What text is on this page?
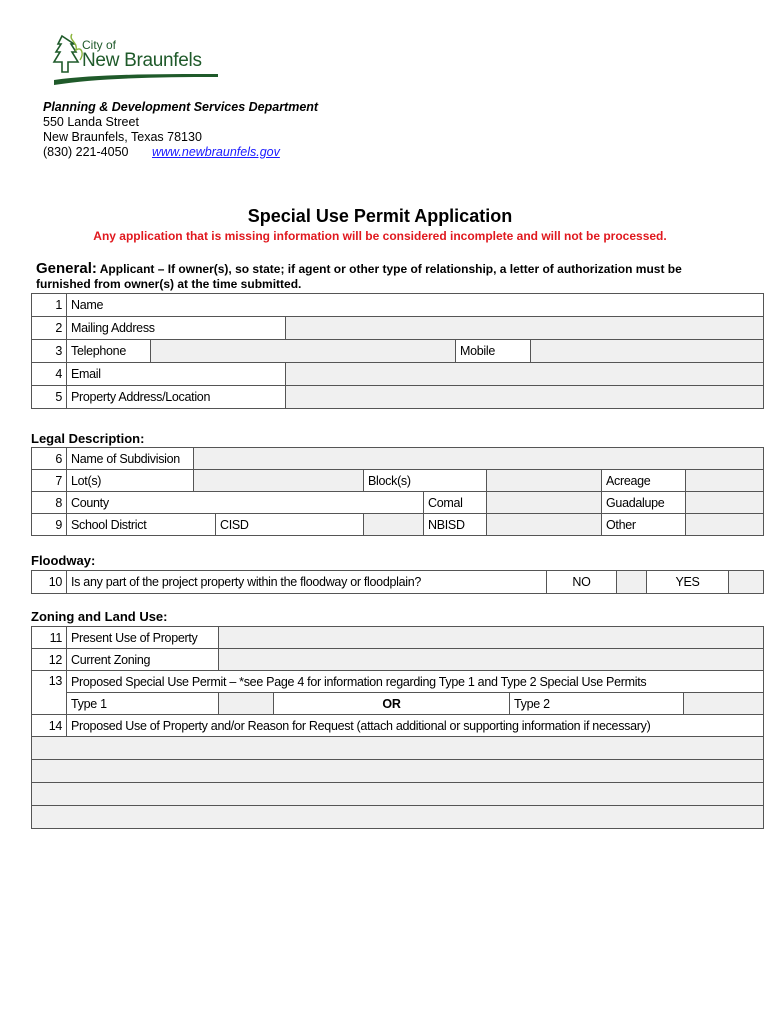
City of
New Braunfels
Planning & Development Services Department
550 Landa Street
New Braunfels, Texas 78130
(830) 221-4050 www.newbraunfels.gov
Special Use Permit Application
Any application that is missing information will be considered incomplete and will not be processed.
General: Applicant – If owner(s), so state; if agent or other type of relationship, a letter of authorization must be furnished from owner(s) at the time submitted.
1	Name				
2	Mailing Address				
3	Telephone			Mobile	
4	Email				
5	Property Address/Location				
Legal Description:
6	Name of Subdivision							
7	Lot(s)			Block(s)			Acreage	
8	County				Comal		Guadalupe	
9	School District		CISD		NBISD		Other	
Floodway:
10	Is any part of the project property within the floodway or floodplain?	NO		YES	
Zoning and Land Use:
11	Present Use of Property				
12	Current Zoning				
13	Proposed Special Use Permit – *see Page 4 for information regarding Type 1 and Type 2 Special Use Permits				
	Type 1		OR	Type 2	
14	Proposed Use of Property and/or Reason for Request (attach additional or supporting information if necessary)				
